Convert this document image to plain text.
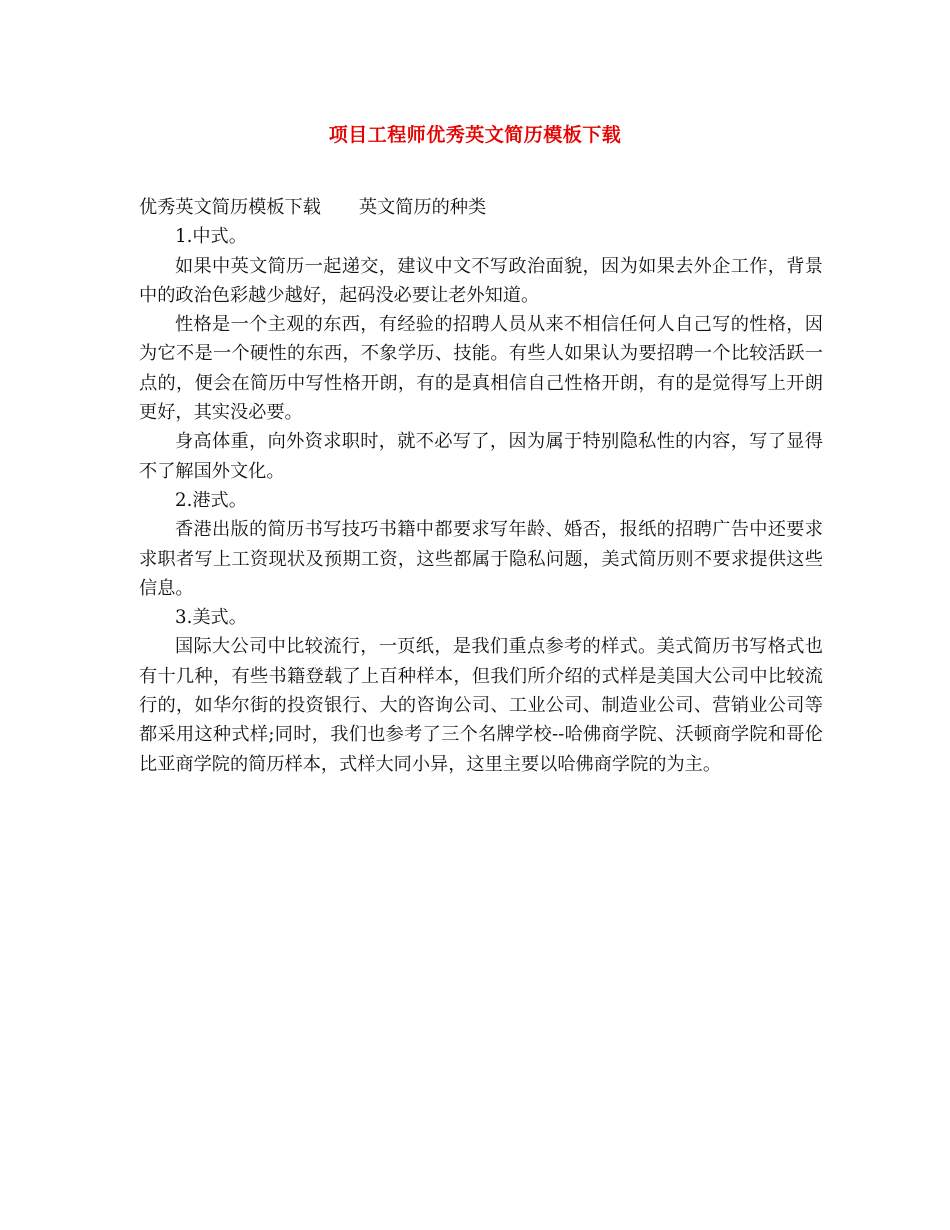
项目工程师优秀英文简历模板下载

优秀英文简历模板下载 英文简历的种类

1.中式。

如果中英文简历一起递交，建议中文不写政治面貌，因为如果去外企工作，背景中的政治色彩越少越好，起码没必要让老外知道。

性格是一个主观的东西，有经验的招聘人员从来不相信任何人自己写的性格，因为它不是一个硬性的东西，不象学历、技能。有些人如果认为要招聘一个比较活跃一点的，便会在简历中写性格开朗，有的是真相信自己性格开朗，有的是觉得写上开朗更好，其实没必要。

身高体重，向外资求职时，就不必写了，因为属于特别隐私性的内容，写了显得不了解国外文化。

2.港式。

香港出版的简历书写技巧书籍中都要求写年龄、婚否，报纸的招聘广告中还要求求职者写上工资现状及预期工资，这些都属于隐私问题，美式简历则不要求提供这些信息。

3.美式。

国际大公司中比较流行，一页纸，是我们重点参考的样式。美式简历书写格式也有十几种，有些书籍登载了上百种样本，但我们所介绍的式样是美国大公司中比较流行的，如华尔街的投资银行、大的咨询公司、工业公司、制造业公司、营销业公司等都采用这种式样;同时，我们也参考了三个名牌学校--哈佛商学院、沃顿商学院和哥伦比亚商学院的简历样本，式样大同小异，这里主要以哈佛商学院的为主。
